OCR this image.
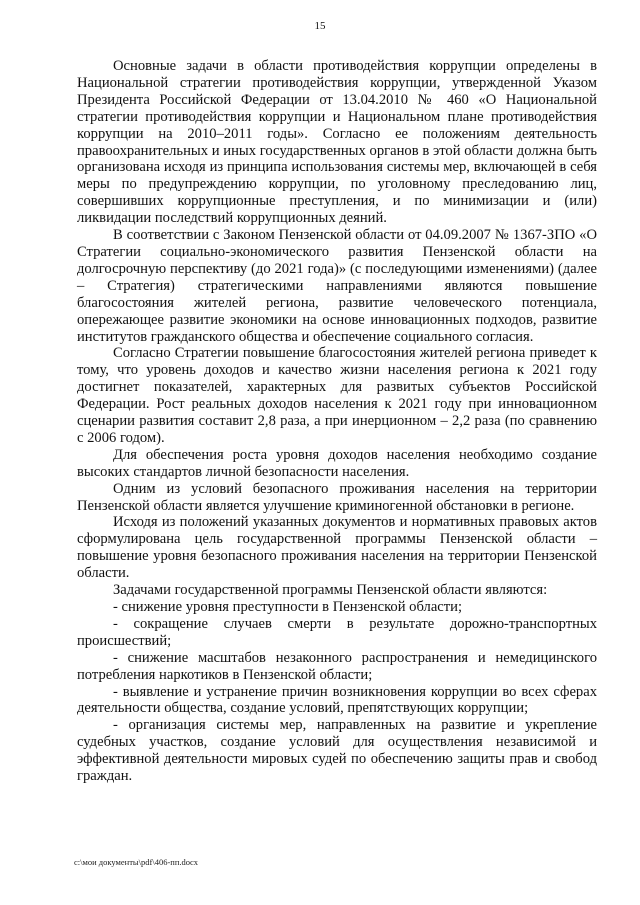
15

Основные задачи в области противодействия коррупции определены в Национальной стратегии противодействия коррупции, утвержденной Указом Президента Российской Федерации от 13.04.2010 № 460 «О Национальной стратегии противодействия коррупции и Национальном плане противодействия коррупции на 2010–2011 годы». Согласно ее положениям деятельность правоохранительных и иных государственных органов в этой области должна быть организована исходя из принципа использования системы мер, включающей в себя меры по предупреждению коррупции, по уголовному преследованию лиц, совершивших коррупционные преступления, и по минимизации и (или) ликвидации последствий коррупционных деяний.

В соответствии с Законом Пензенской области от 04.09.2007 № 1367-ЗПО «О Стратегии социально-экономического развития Пензенской области на долгосрочную перспективу (до 2021 года)» (с последующими изменениями) (далее – Стратегия) стратегическими направлениями являются повышение благосостояния жителей региона, развитие человеческого потенциала, опережающее развитие экономики на основе инновационных подходов, развитие институтов гражданского общества и обеспечение социального согласия.

Согласно Стратегии повышение благосостояния жителей региона приведет к тому, что уровень доходов и качество жизни населения региона к 2021 году достигнет показателей, характерных для развитых субъектов Российской Федерации. Рост реальных доходов населения к 2021 году при инновационном сценарии развития составит 2,8 раза, а при инерционном – 2,2 раза (по сравнению с 2006 годом).

Для обеспечения роста уровня доходов населения необходимо создание высоких стандартов личной безопасности населения.

Одним из условий безопасного проживания населения на территории Пензенской области является улучшение криминогенной обстановки в регионе.

Исходя из положений указанных документов и нормативных правовых актов сформулирована цель государственной программы Пензенской области – повышение уровня безопасного проживания населения на территории Пензенской области.

Задачами государственной программы Пензенской области являются:

- снижение уровня преступности в Пензенской области;

- сокращение случаев смерти в результате дорожно-транспортных происшествий;

- снижение масштабов незаконного распространения и немедицинского потребления наркотиков в Пензенской области;

- выявление и устранение причин возникновения коррупции во всех сферах деятельности общества, создание условий, препятствующих коррупции;

- организация системы мер, направленных на развитие и укрепление судебных участков, создание условий для осуществления независимой и эффективной деятельности мировых судей по обеспечению защиты прав и свобод граждан.

c:\мои документы\pdf\406-пп.docx
